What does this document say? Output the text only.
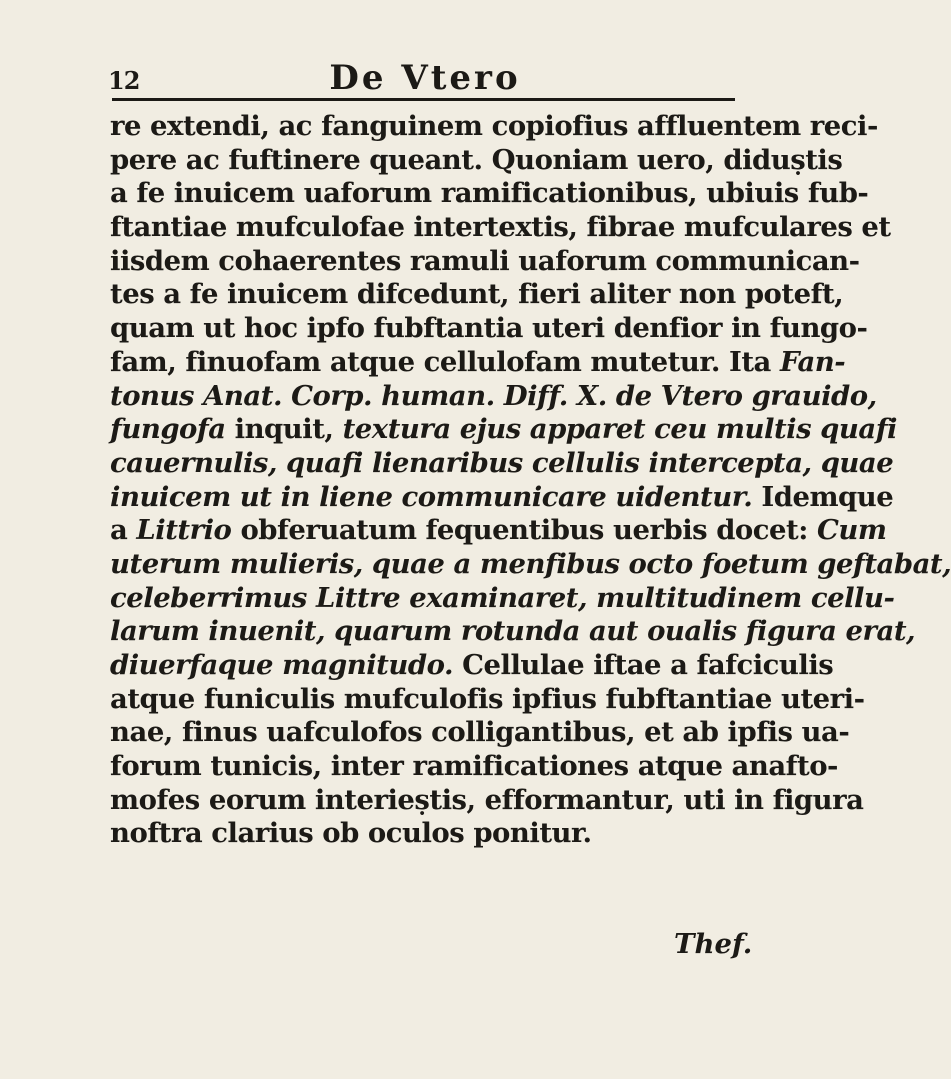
12	De Vtero
re extendi, ac fanguinem copiofius affluentem reci-
pere ac fuftinere queant. Quoniam uero, diduṣtis
a fe inuicem uaforum ramificationibus, ubiuis fub-
ftantiae mufculofae intertextis, fibrae mufculares et
iisdem cohaerentes ramuli uaforum communican-
tes a fe inuicem difcedunt, fieri aliter non poteft,
quam ut hoc ipfo fubftantia uteri denfior in fungo-
fam, finuofam atque cellulofam mutetur. Ita Fan-
tonus Anat. Corp. human. Diff. X. de Vtero grauido,
fungofa inquit, textura ejus apparet ceu multis quafi
cauernulis, quafi lienaribus cellulis intercepta, quae
inuicem ut in liene communicare uidentur. Idemque
a Littrio obferuatum fequentibus uerbis docet: Cum
uterum mulieris, quae a menfibus octo foetum geftabat,
celeberrimus Littre examinaret, multitudinem cellu-
larum inuenit, quarum rotunda aut oualis figura erat,
diuerfaque magnitudo. Cellulae iftae a fafciculis
atque funiculis mufculofis ipfius fubftantiae uteri-
nae, finus uafculofos colligantibus, et ab ipfis ua-
forum tunicis, inter ramificationes atque anafto-
mofes eorum interieṣtis, efformantur, uti in figura
noftra clarius ob oculos ponitur.
Thef.
